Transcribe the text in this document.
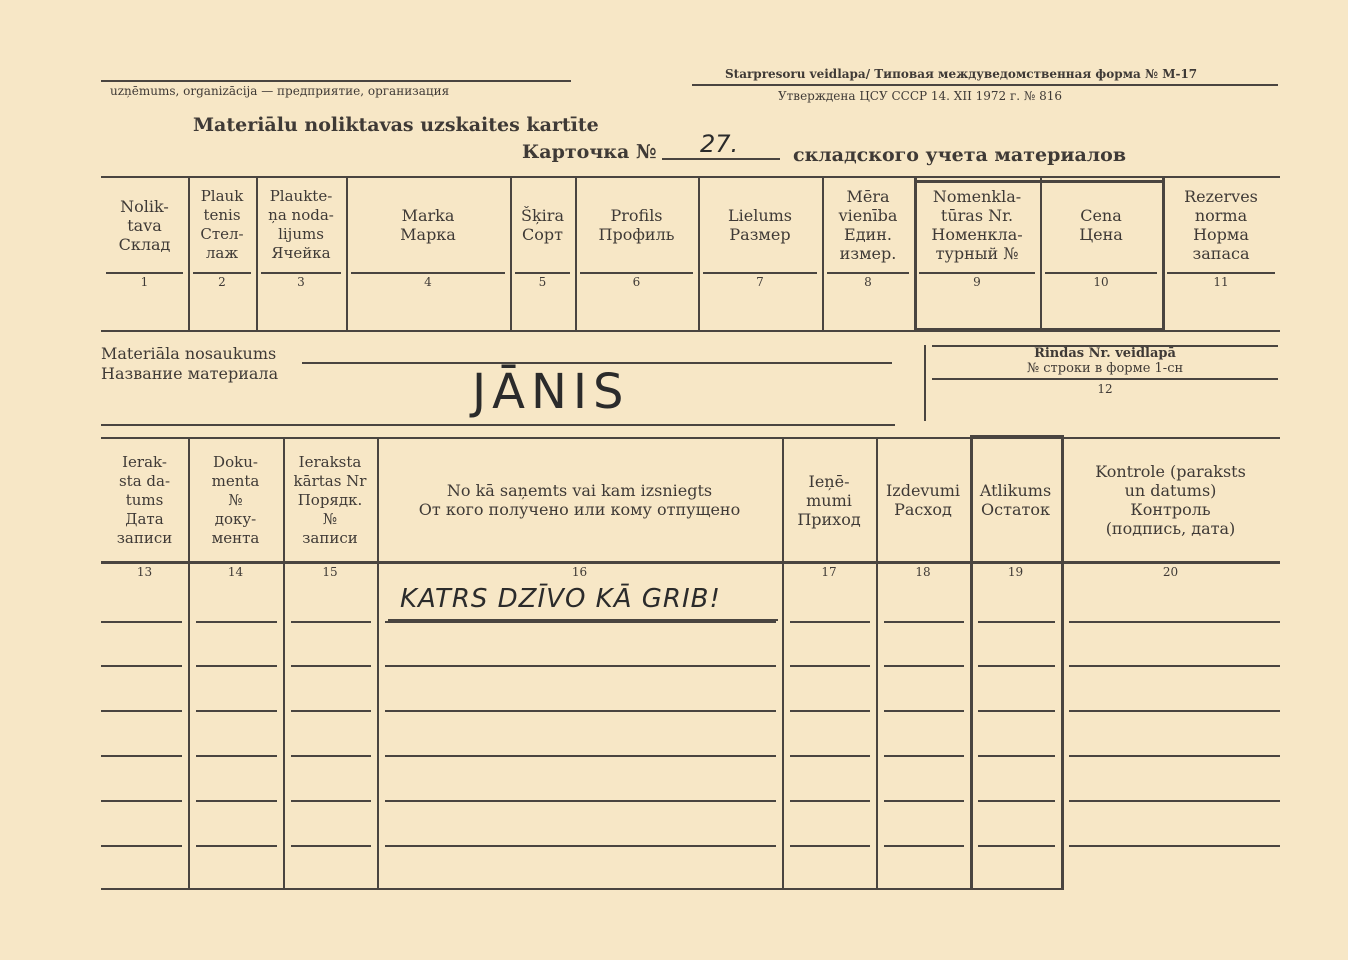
uzņēmums, organizācija — предприятие, организация
Starpresoru veidlapa/ Типовая междуведомственная форма № M-17
Утверждена ЦСУ СССР 14. XII 1972 г. № 816
Materiālu noliktavas uzskaites kartīte
Карточка № 27.	складского учета материалов
Nolik-
tava
Склад
1
Plauk
tenis
Стел-
лаж
2
Plaukte-
ņa noda-
lijums
Ячейка
3
Marka
Марка
4
Šķira
Сорт
5
Profils
Профиль
6
Lielums
Размер
7
Mēra
vienība
Един.
измер.
8
Nomenkla-
tūras Nr.
Номенкла-
турный №
9
Cena
Цена
10
Rezerves
norma
Норма
запаса
11
Materiāla nosaukums
Название материала	JĀNIS
Rindas Nr. veidlapā
№ строки в форме 1-сн
12
Ierak-
sta da-
tums
Дата
записи
13
Doku-
menta
№
доку-
мента
14
Ieraksta
kārtas Nr
Порядк.
№
записи
15
No kā saņemts vai kam izsniegts
От кого получено или кому отпущено
16
Ieņē-
mumi
Приход
17
Izdevumi
Расход
18
Atlikums
Остаток
19
Kontrole (paraksts
un datums)
Контроль
(подпись, дата)
20
KATRS DZĪVO KĀ GRIB!
